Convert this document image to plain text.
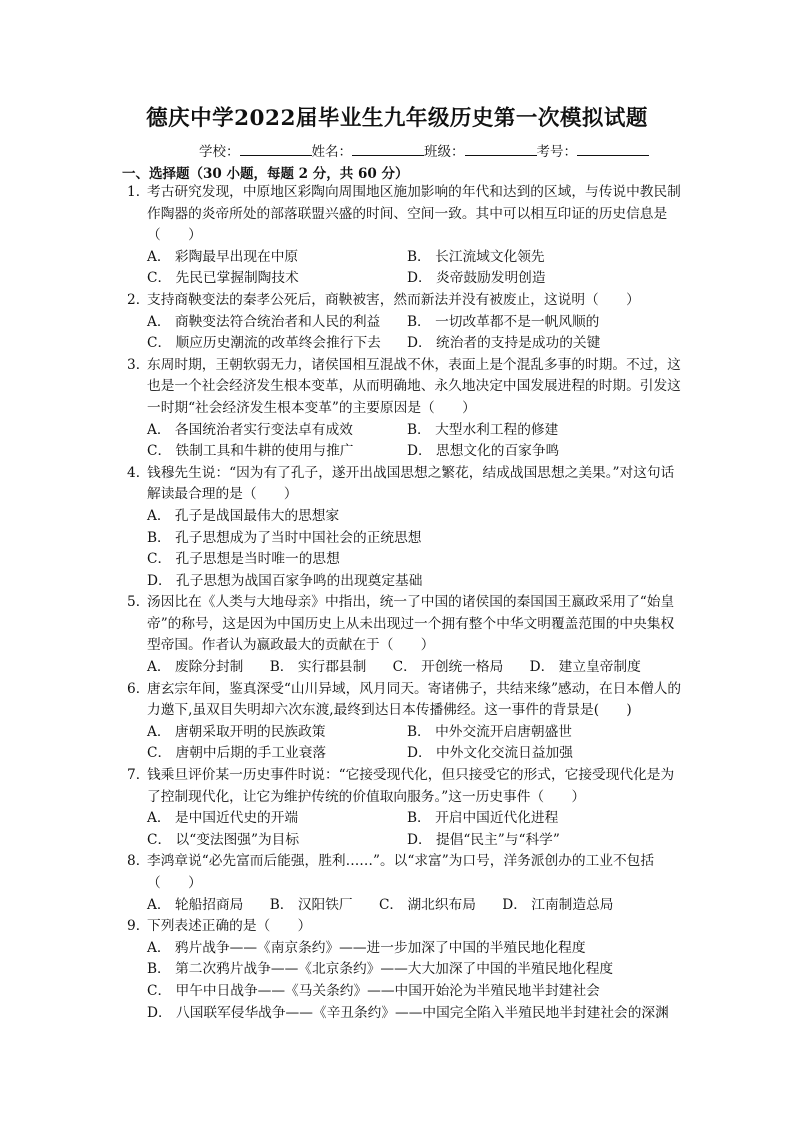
德庆中学2022届毕业生九年级历史第一次模拟试题
学校：	姓名：	班级：	考号：
一、选择题（30 小题，每题 2 分，共 60 分）
1．考古研究发现，中原地区彩陶向周围地区施加影响的年代和达到的区域，与传说中教民制作陶器的炎帝所处的部落联盟兴盛的时间、空间一致。其中可以相互印证的历史信息是（　　）
A． 彩陶最早出现在中原	B． 长江流域文化领先
C． 先民已掌握制陶技术	D． 炎帝鼓励发明创造
2．支持商鞅变法的秦孝公死后，商鞅被害，然而新法并没有被废止，这说明（　　）
A． 商鞅变法符合统治者和人民的利益	B． 一切改革都不是一帆风顺的
C． 顺应历史潮流的改革终会推行下去	D． 统治者的支持是成功的关键
3．东周时期，王朝软弱无力，诸侯国相互混战不休，表面上是个混乱多事的时期。不过，这也是一个社会经济发生根本变革，从而明确地、永久地决定中国发展进程的时期。引发这一时期“社会经济发生根本变革”的主要原因是（　　）
A． 各国统治者实行变法卓有成效	B． 大型水利工程的修建
C． 铁制工具和牛耕的使用与推广	D． 思想文化的百家争鸣
4．钱穆先生说：“因为有了孔子，遂开出战国思想之繁花，结成战国思想之美果。”对这句话解读最合理的是（　　）
A． 孔子是战国最伟大的思想家
B． 孔子思想成为了当时中国社会的正统思想
C． 孔子思想是当时唯一的思想
D． 孔子思想为战国百家争鸣的出现奠定基础
5．汤因比在《人类与大地母亲》中指出，统一了中国的诸侯国的秦国国王嬴政采用了“始皇帝”的称号，这是因为中国历史上从未出现过一个拥有整个中华文明覆盖范围的中央集权型帝国。作者认为嬴政最大的贡献在于（　　）
A． 废除分封制 B． 实行郡县制 C． 开创统一格局 D． 建立皇帝制度
6．唐玄宗年间，鉴真深受“山川异域，风月同天。寄诸佛子，共结来缘”感动，在日本僧人的力邀下,虽双目失明却六次东渡,最终到达日本传播佛经。这一事件的背景是(　　)
A． 唐朝采取开明的民族政策	B． 中外交流开启唐朝盛世
C． 唐朝中后期的手工业衰落	D． 中外文化交流日益加强
7．钱乘旦评价某一历史事件时说：“它接受现代化，但只接受它的形式，它接受现代化是为了控制现代化，让它为维护传统的价值取向服务。”这一历史事件（　　）
A． 是中国近代史的开端	B． 开启中国近代化进程
C． 以“变法图强”为目标	D． 提倡“民主”与“科学”
8．李鸿章说“必先富而后能强，胜利……”。以“求富”为口号，洋务派创办的工业不包括（　　）
A． 轮船招商局 B． 汉阳铁厂 C． 湖北织布局 D． 江南制造总局
9．下列表述正确的是（　　）
A． 鸦片战争——《南京条约》——进一步加深了中国的半殖民地化程度
B． 第二次鸦片战争——《北京条约》——大大加深了中国的半殖民地化程度
C． 甲午中日战争——《马关条约》——中国开始沦为半殖民地半封建社会
D． 八国联军侵华战争——《辛丑条约》——中国完全陷入半殖民地半封建社会的深渊
